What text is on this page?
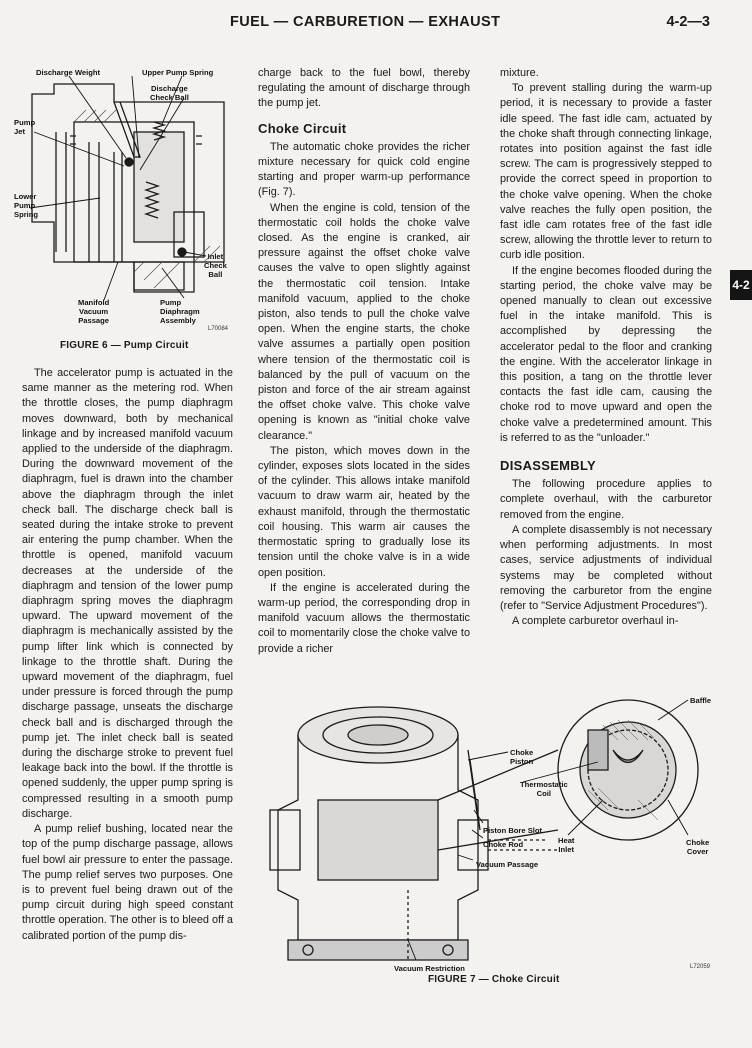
FUEL — CARBURETION — EXHAUST	4-2—3
4-2
Discharge Weight	Upper Pump Spring
Discharge
Check Ball
Pump
Jet
Lower
Pump
Spring
Inlet
Check
Ball
Manifold
Vacuum
Passage
Pump
Diaphragm
Assembly
L70084
FIGURE 6 — Pump Circuit

The accelerator pump is actuated in the same manner as the metering rod. When the throttle closes, the pump diaphragm moves downward, both by mechanical linkage and by increased manifold vacuum applied to the underside of the diaphragm. During the downward movement of the diaphragm, fuel is drawn into the chamber above the diaphragm through the inlet check ball. The discharge check ball is seated during the intake stroke to prevent air entering the pump chamber. When the throttle is opened, manifold vacuum decreases at the underside of the diaphragm and tension of the lower pump diaphragm spring moves the diaphragm upward. The upward movement of the diaphragm is mechanically assisted by the pump lifter link which is connected by linkage to the throttle shaft. During the upward movement of the diaphragm, fuel under pressure is forced through the pump discharge passage, unseats the discharge check ball and is discharged through the pump jet. The inlet check ball is seated during the discharge stroke to prevent fuel leakage back into the bowl. If the throttle is opened suddenly, the upper pump spring is compressed resulting in a smooth pump discharge.

A pump relief bushing, located near the top of the pump discharge passage, allows fuel bowl air pressure to enter the passage. The pump relief serves two purposes. One is to prevent fuel being drawn out of the pump circuit during high speed constant throttle operation. The other is to bleed off a calibrated portion of the pump dis-

charge back to the fuel bowl, thereby regulating the amount of discharge through the pump jet.

Choke Circuit

The automatic choke provides the richer mixture necessary for quick cold engine starting and proper warm-up performance (Fig. 7).

When the engine is cold, tension of the thermostatic coil holds the choke valve closed. As the engine is cranked, air pressure against the offset choke valve causes the valve to open slightly against the thermostatic coil tension. Intake manifold vacuum, applied to the choke piston, also tends to pull the choke valve open. When the engine starts, the choke valve assumes a partially open position where tension of the thermostatic coil is balanced by the pull of vacuum on the piston and force of the air stream against the offset choke valve. This choke valve opening is known as "initial choke valve clearance."

The piston, which moves down in the cylinder, exposes slots located in the sides of the cylinder. This allows intake manifold vacuum to draw warm air, heated by the exhaust manifold, through the thermostatic coil housing. This warm air causes the thermostatic spring to gradually lose its tension until the choke valve is in a wide open position.

If the engine is accelerated during the warm-up period, the corresponding drop in manifold vacuum allows the thermostatic coil to momentarily close the choke valve to provide a richer

mixture.

To prevent stalling during the warm-up period, it is necessary to provide a faster idle speed. The fast idle cam, actuated by the choke shaft through connecting linkage, rotates into position against the fast idle screw. The cam is progressively stepped to provide the correct speed in proportion to the choke valve opening. When the choke valve reaches the fully open position, the fast idle cam rotates free of the fast idle screw, allowing the throttle lever to return to curb idle position.

If the engine becomes flooded during the starting period, the choke valve may be opened manually to clean out excessive fuel in the intake manifold. This is accomplished by depressing the accelerator pedal to the floor and cranking the engine. With the accelerator linkage in this position, a tang on the throttle lever contacts the fast idle cam, causing the choke rod to move upward and open the choke valve a predetermined amount. This is referred to as the "unloader."

DISASSEMBLY

The following procedure applies to complete overhaul, with the carburetor removed from the engine.

A complete disassembly is not necessary when performing adjustments. In most cases, service adjustments of individual systems may be completed without removing the carburetor from the engine (refer to "Service Adjustment Procedures").

A complete carburetor overhaul in-

Baffle
Choke
Piston
Thermostatic
Coil
Piston Bore Slot
Choke Rod	Heat
Inlet
Choke
Cover
Vacuum Passage
Vacuum Restriction	L72059
FIGURE 7 — Choke Circuit
